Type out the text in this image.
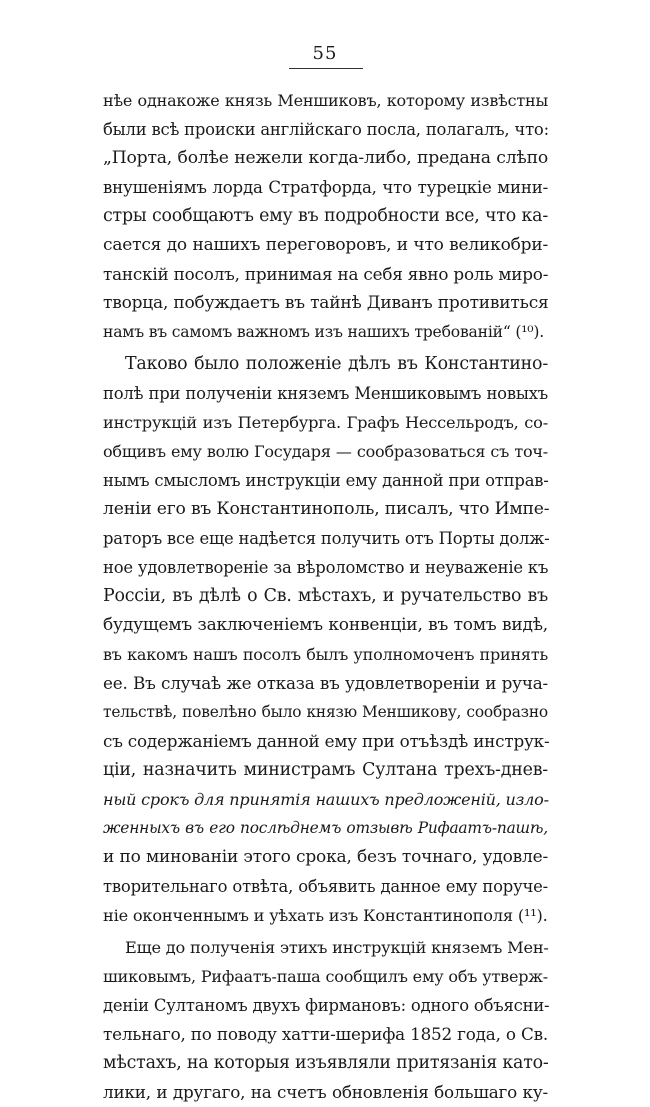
55
нѣе однакоже князь Меншиковъ, которому извѣстны
были всѣ происки англійскаго посла, полагалъ, что:
„Порта, болѣе нежели когда-либо, предана слѣпо
внушеніямъ лорда Стратфорда, что турецкіе мини-
стры сообщаютъ ему въ подробности все, что ка-
сается до нашихъ переговоровъ, и что великобри-
танскій посолъ, принимая на себя явно роль миро-
творца, побуждаетъ въ тайнѣ Диванъ противиться
намъ въ самомъ важномъ изъ нашихъ требованій“ (¹⁰).
Таково было положеніе дѣлъ въ Константино-
полѣ при полученіи княземъ Меншиковымъ новыхъ
инструкцій изъ Петербурга. Графъ Нессельродъ, со-
общивъ ему волю Государя — сообразоваться съ точ-
нымъ смысломъ инструкціи ему данной при отправ-
леніи его въ Константинополь, писалъ, что Импе-
раторъ все еще надѣется получить отъ Порты долж-
ное удовлетвореніе за вѣроломство и неуваженіе къ
Россіи, въ дѣлѣ о Св. мѣстахъ, и ручательство въ
будущемъ заключеніемъ конвенціи, въ томъ видѣ,
въ какомъ нашъ посолъ былъ уполномоченъ принять
ее. Въ случаѣ же отказа въ удовлетвореніи и руча-
тельствѣ, повелѣно было князю Меншикову, сообразно
съ содержаніемъ данной ему при отъѣздѣ инструк-
ціи, назначить министрамъ Султана трехъ-днев-
ный срокъ для принятія нашихъ предложеній, изло-
женныхъ въ его послѣднемъ отзывѣ Рифаатъ-пашѣ,
и по минованіи этого срока, безъ точнаго, удовле-
творительнаго отвѣта, объявить данное ему поруче-
ніе оконченнымъ и уѣхать изъ Константинополя (¹¹).
Еще до полученія этихъ инструкцій княземъ Мен-
шиковымъ, Рифаатъ-паша сообщилъ ему объ утверж-
деніи Султаномъ двухъ фирмановъ: одного объясни-
тельнаго, по поводу хатти-шерифа 1852 года, о Св.
мѣстахъ, на которыя изъявляли притязанія като-
лики, и другаго, на счетъ обновленія большаго ку-
